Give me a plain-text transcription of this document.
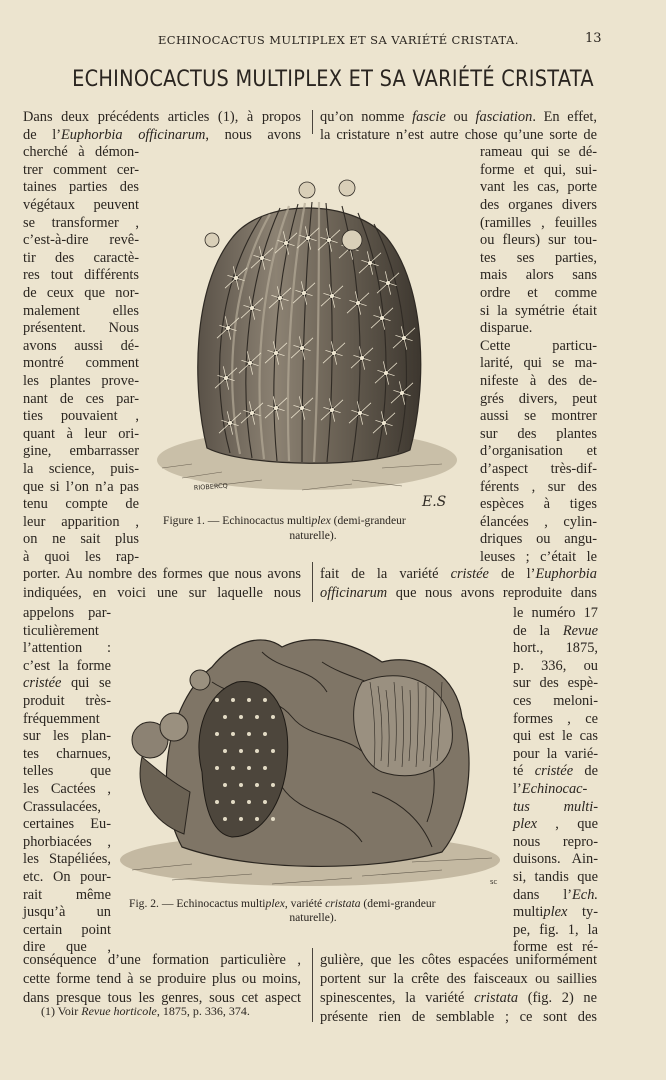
ECHINOCACTUS MULTIPLEX ET SA VARIÉTÉ CRISTATA.	13
ECHINOCACTUS MULTIPLEX ET SA VARIÉTÉ CRISTATA
Dans deux précédents articles (1), à propos
de l’Euphorbia officinarum, nous avons
cherché à démon-
trer comment cer-
taines parties des
végétaux peuvent
se transformer ,
c’est-à-dire revê-
tir des caractè-
res tout différents
de ceux que nor-
malement elles
présentent. Nous
avons aussi dé-
montré comment
les plantes prove-
nant de ces par-
ties pouvaient ,
quant à leur ori-
gine, embarrasser
la science, puis-
que si l’on n’a pas
tenu compte de
leur apparition ,
on ne sait plus
à quoi les rap-
qu’on nomme fascie ou fasciation. En effet,
la cristature n’est autre chose qu’une sorte de
rameau qui se dé-
forme et qui, sui-
vant les cas, porte
des organes divers
(ramilles , feuilles
ou fleurs) sur tou-
tes ses parties,
mais alors sans
ordre et comme
si la symétrie était
disparue.
Cette particu-
larité, qui se ma-
nifeste à des de-
grés divers, peut
aussi se montrer
sur des plantes
d’organisation et
d’aspect très-dif-
férents , sur des
espèces à tiges
élancées , cylin-
driques ou angu-
leuses ; c’était le
porter. Au nombre des formes que nous avons
indiquées, en voici une sur laquelle nous
fait de la variété cristée de l’Euphorbia
officinarum que nous avons reproduite dans
appelons par-
ticulièrement
l’attention :
c’est la forme
cristée qui se
produit très-
fréquemment
sur les plan-
tes charnues,
telles que
les Cactées ,
Crassulacées,
certaines Eu-
phorbiacées ,
les Stapéliées,
etc. On pour-
rait même
jusqu’à un
certain point
dire que ,
le numéro 17
de la Revue
hort., 1875,
p. 336, ou
sur des espè-
ces meloni-
formes , ce
qui est le cas
pour la varié-
té cristée de
l’Echinocac-
tus multi-
plex , que
nous repro-
duisons. Ain-
si, tandis que
dans l’Ech.
multiplex ty-
pe, fig. 1, la
forme est ré-
conséquence d’une formation particulière ,
cette forme tend à se produire plus ou moins,
dans presque tous les genres, sous cet aspect
gulière, que les côtes espacées uniformément
portent sur la crête des faisceaux ou saillies
spinescentes, la variété cristata (fig. 2) ne
présente rien de semblable ; ce sont des
RIOBERCQ
E.S
Figure 1. — Echinocactus multiplex (demi-grandeur
naturelle).
SC
Fig. 2. — Echinocactus multiplex, variété cristata (demi-grandeur
naturelle).
(1) Voir Revue horticole, 1875, p. 336, 374.
